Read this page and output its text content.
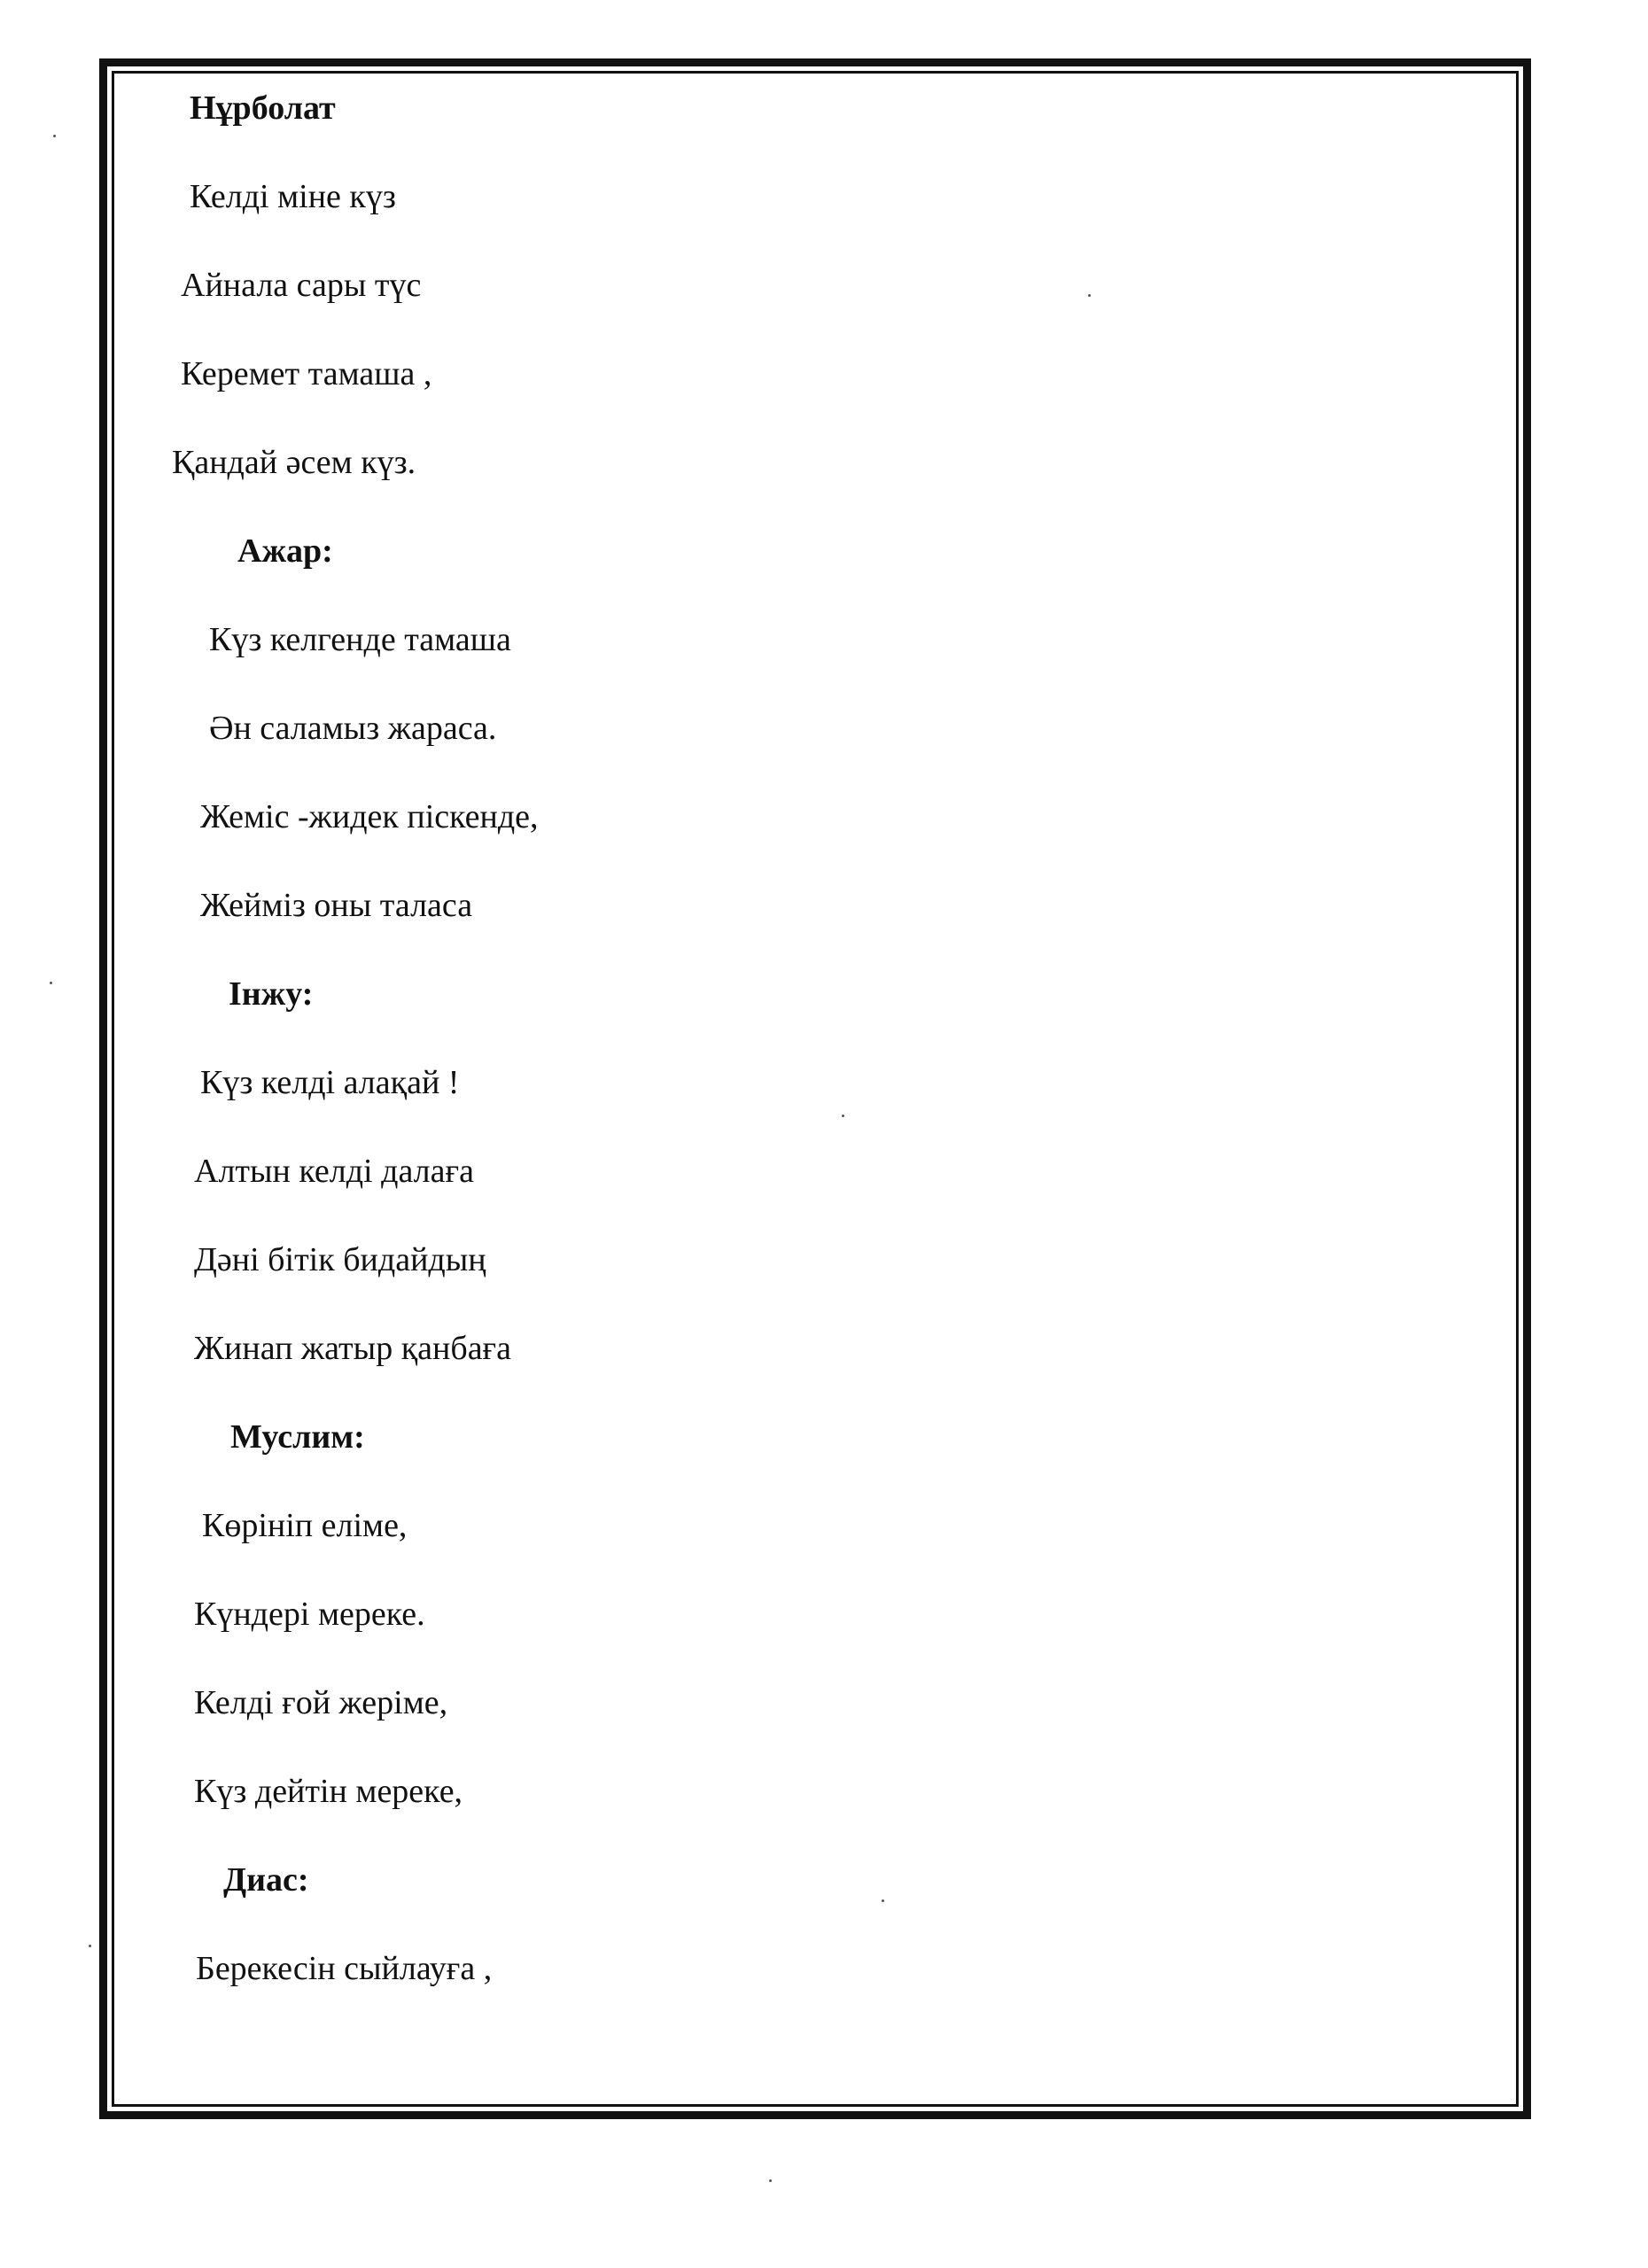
Нұрболат
Келді міне күз
Айнала сары түс
Керемет тамаша ,
Қандай әсем күз.
Ажар:
Күз келгенде тамаша
Ән саламыз жараса.
Жеміс -жидек піскенде,
Жейміз оны таласа
Інжу:
Күз келді алақай !
Алтын келді далаға
Дәні бітік бидайдың
Жинап жатыр қанбаға
Муслим:
Көрініп еліме,
Күндері мереке.
Келді ғой жеріме,
Күз дейтін мереке,
Диас:
Берекесін сыйлауға ,
